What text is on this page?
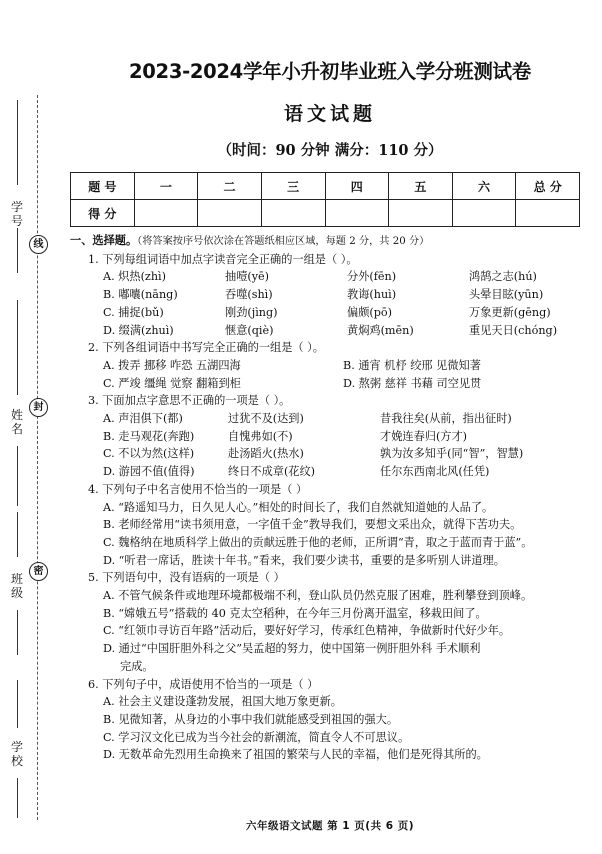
线
封
密
学号
姓名
班级
学校
2023-2024学年小升初毕业班入学分班测试卷
语文试题
（时间：90 分钟 满分：110 分）
题 号	一	二	三	四	五	六	总 分
得 分							
一、选择题。（将答案按序号依次涂在答题纸相应区域，每题 2 分，共 20 分）
1. 下列每组词语中加点字读音完全正确的一组是（ ）。
A. 炽热(zhì)	抽噎(yē)	分外(fēn)	鸿鹄之志(hú)
B. 嘟囔(nāng)	吞噬(shì)	教诲(huì)	头晕目眩(yūn)
C. 捕捉(bǔ)	刚劲(jìng)	偏颇(pō)	万象更新(gēng)
D. 缀满(zhuì)	惬意(qiè)	黄焖鸡(mēn)	重见天日(chóng)
2. 下列各组词语中书写完全正确的一组是（ ）。
A. 拨弄 挪移 咋恐 五湖四海	B. 通宵 机杼 绞邢 见微知著
C. 严竣 缰绳 觉察 翻箱到柜	D. 熬粥 慈祥 书藉 司空见贯
3. 下面加点字意思不正确的一项是（ ）。
A. 声泪俱下(都)	过犹不及(达到)	昔我往矣(从前，指出征时)
B. 走马观花(奔跑)	自愧弗如(不)	才娩连春归(方才)
C. 不以为然(这样)	赴汤蹈火(热水)	孰为汝多知乎(同“智”，智慧)
D. 游园不值(值得)	终日不成章(花纹)	任尔东西南北风(任凭)
4. 下列句子中名言使用不恰当的一项是（ ）
A. “路遥知马力，日久见人心。”相处的时间长了，我们自然就知道她的人品了。
B. 老师经常用“读书须用意，一字值千金”教导我们，要想文采出众，就得下苦功夫。
C. 魏格纳在地质科学上做出的贡献远胜于他的老师，正所谓“青，取之于蓝而青于蓝”。
D. “听君一席话，胜读十年书。”看来，我们要少读书，重要的是多听别人讲道理。
5. 下列语句中，没有语病的一项是（ ）
A. 不管气候条件或地理环境都极端不利，登山队员仍然克服了困难，胜利攀登到顶峰。
B. “嫦娥五号”搭载的 40 克太空稻种，在今年三月份离开温室，移栽田间了。
C. “红领巾寻访百年路”活动后，要好好学习，传承红色精神，争做新时代好少年。
D. 通过“中国肝胆外科之父”吴孟超的努力，使中国第一例肝胆外科 手术顺利
完成。
6. 下列句子中，成语使用不恰当的一项是（ ）
A. 社会主义建设蓬勃发展，祖国大地万象更新。
B. 见微知著，从身边的小事中我们就能感受到祖国的强大。
C. 学习汉文化已成为当今社会的新潮流，简直令人不可思议。
D. 无数革命先烈用生命换来了祖国的繁荣与人民的幸福，他们是死得其所的。
六年级语文试题 第 1 页(共 6 页)
